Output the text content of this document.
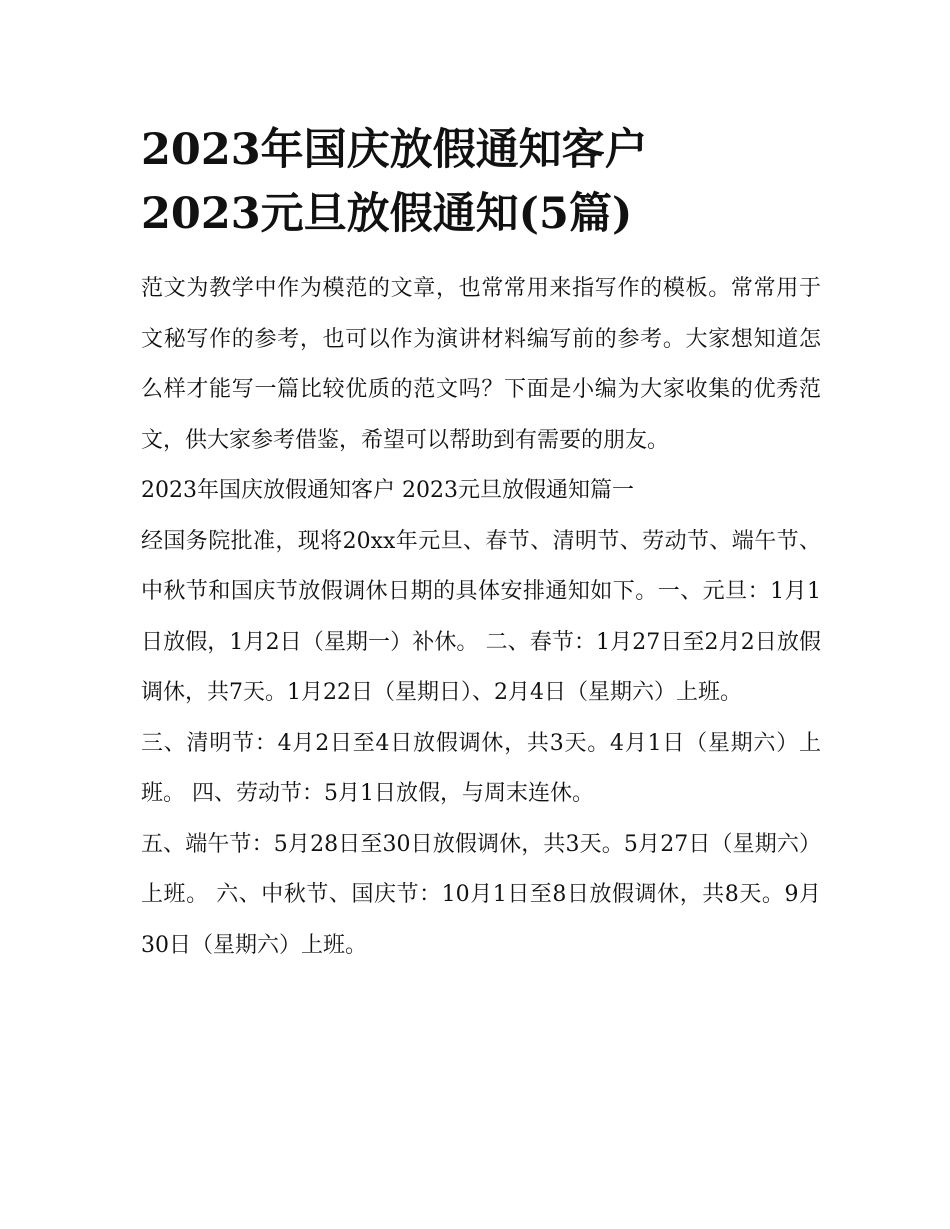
2023年国庆放假通知客户
2023元旦放假通知(5篇)

范文为教学中作为模范的文章，也常常用来指写作的模板。常常用于文秘写作的参考，也可以作为演讲材料编写前的参考。大家想知道怎么样才能写一篇比较优质的范文吗？下面是小编为大家收集的优秀范文，供大家参考借鉴，希望可以帮助到有需要的朋友。

2023年国庆放假通知客户 2023元旦放假通知篇一

经国务院批准，现将20xx年元旦、春节、清明节、劳动节、端午节、中秋节和国庆节放假调休日期的具体安排通知如下。一、元旦：1月1日放假，1月2日（星期一）补休。 二、春节：1月27日至2月2日放假调休，共7天。1月22日（星期日）、2月4日（星期六）上班。

三、清明节：4月2日至4日放假调休，共3天。4月1日（星期六）上班。 四、劳动节：5月1日放假，与周末连休。

五、端午节：5月28日至30日放假调休，共3天。5月27日（星期六）上班。 六、中秋节、国庆节：10月1日至8日放假调休，共8天。9月30日（星期六）上班。
